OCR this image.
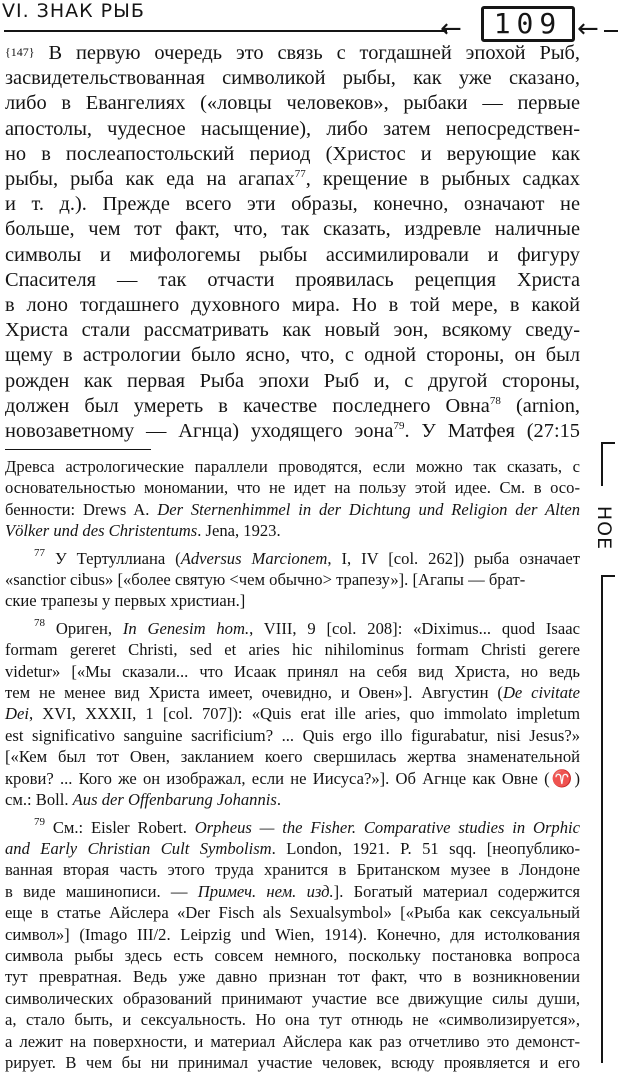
VI. ЗНАК РЫБ
←	109 ←
{147} В первую очередь это связь с тогдашней эпохой Рыб,
засвидетельствованная символикой рыбы, как уже сказано,
либо в Евангелиях («ловцы человеков», рыбаки — первые
апостолы, чудесное насыщение), либо затем непосредствен-
но в послеапостольский период (Христос и верующие как
рыбы, рыба как еда на агапах$^{77}$, крещение в рыбных садках
и т. д.). Прежде всего эти образы, конечно, означают не
больше, чем тот факт, что, так сказать, издревле наличные
символы и мифологемы рыбы ассимилировали и фигуру
Спасителя — так отчасти проявилась рецепция Христа
в лоно тогдашнего духовного мира. Но в той мере, в какой
Христа стали рассматривать как новый эон, всякому сведу-
щему в астрологии было ясно, что, с одной стороны, он был
рожден как первая Рыба эпохи Рыб и, с другой стороны,
должен был умереть в качестве последнего Овна$^{78}$ (arnion,
новозаветному — Агнца) уходящего эона$^{79}$. У Матфея (27:15
Древса астрологические параллели проводятся, если можно так сказать, с
основательностью мономании, что не идет на пользу этой идее. См. в осо-
бенности: Drews A. Der Sternenhimmel in der Dichtung und Religion der Alten
Völker und des Christentums. Jena, 1923.
$^{77}$ У Тертуллиана (Adversus Marcionem, I, IV [col. 262]) рыба означает
«sanctior cibus» [«более святую <чем обычно> трапезу»]. [Агапы — брат-
ские трапезы у первых христиан.]
$^{78}$ Ориген, In Genesim hom., VIII, 9 [col. 208]: «Diximus... quod Isaac
formam gereret Christi, sed et aries hic nihilominus formam Christi gerere
videtur» [«Мы сказали... что Исаак принял на себя вид Христа, но ведь
тем не менее вид Христа имеет, очевидно, и Овен»]. Августин (De civitate
Dei, XVI, XXXII, 1 [col. 707]): «Quis erat ille aries, quo immolato impletum
est significativo sanguine sacrificium? ... Quis ergo illo figurabatur, nisi Jesus?»
[«Кем был тот Овен, закланием коего свершилась жертва знаменательной
крови? ... Кого же он изображал, если не Иисуса?»]. Об Агнце как Овне (♈)
см.: Boll. Aus der Offenbarung Johannis.
$^{79}$ См.: Eisler Robert. Orpheus — the Fisher. Comparative studies in Orphic
and Early Christian Cult Symbolism. London, 1921. P. 51 sqq. [неопублико-
ванная вторая часть этого труда хранится в Британском музее в Лондоне
в виде машинописи. — Примеч. нем. изд.]. Богатый материал содержится
еще в статье Айслера «Der Fisch als Sexualsymbol» [«Рыба как сексуальный
символ»] (Imago III/2. Leipzig und Wien, 1914). Конечно, для истолкования
символа рыбы здесь есть совсем немного, поскольку постановка вопроса
тут превратная. Ведь уже давно признан тот факт, что в возникновении
символических образований принимают участие все движущие силы души,
а, стало быть, и сексуальность. Но она тут отнюдь не «символизируется»,
а лежит на поверхности, и материал Айслера как раз отчетливо это демонст-
рирует. В чем бы ни принимал участие человек, всюду проявляется и его
НОЕ
